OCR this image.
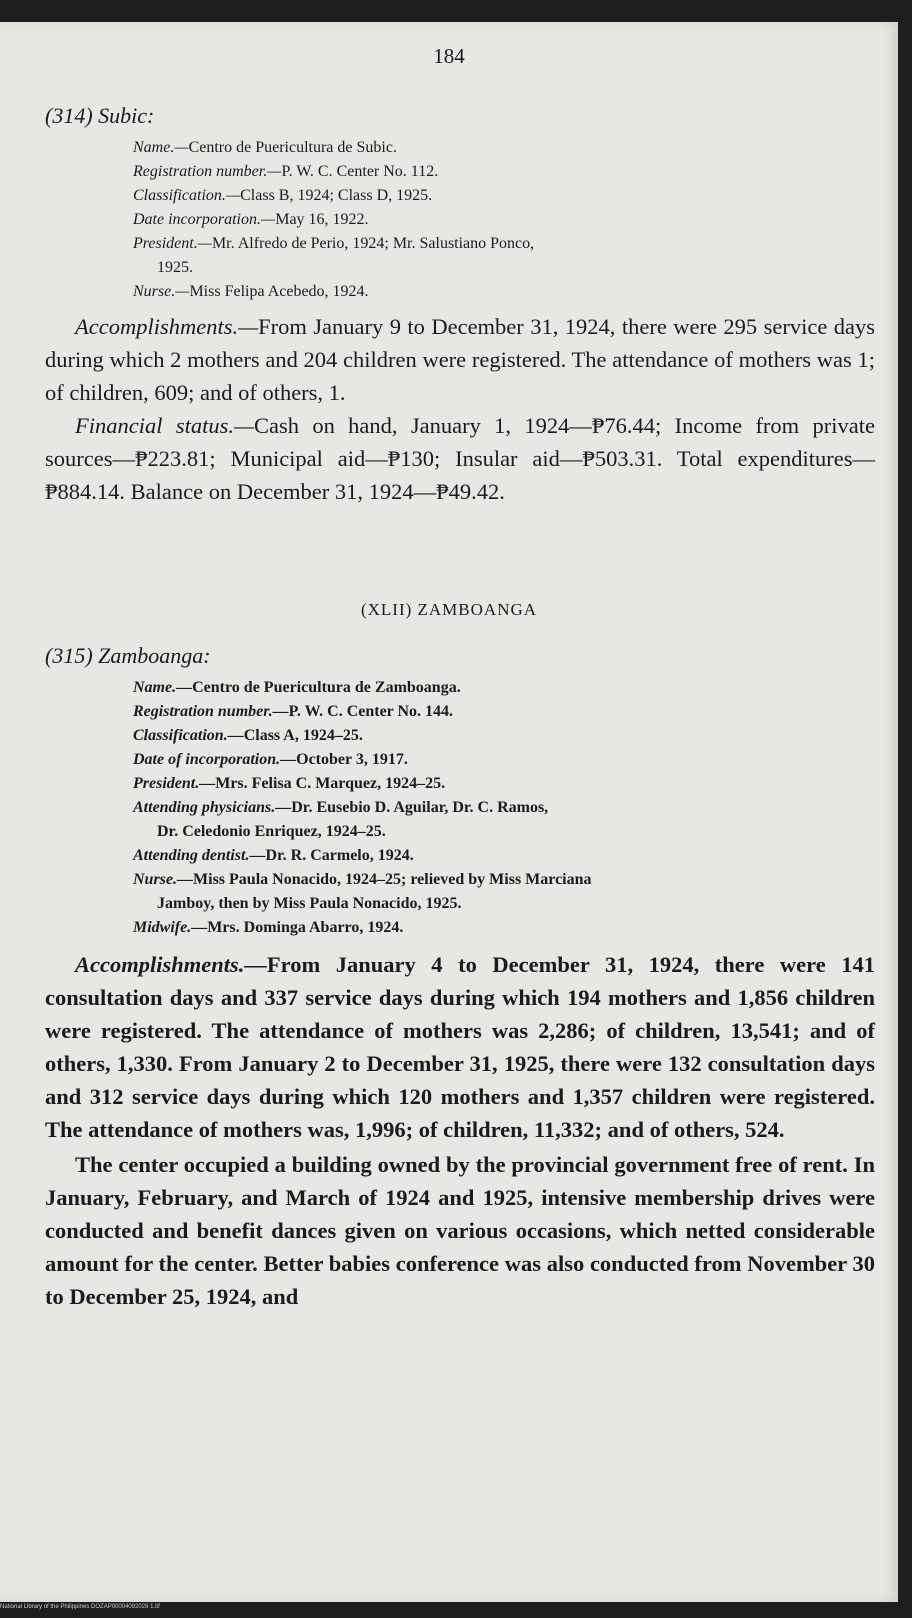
184

(314) Subic:

Name.—Centro de Puericultura de Subic.

Registration number.—P. W. C. Center No. 112.

Classification.—Class B, 1924; Class D, 1925.

Date incorporation.—May 16, 1922.

President.—Mr. Alfredo de Perio, 1924; Mr. Salustiano Ponco,
1925.

Nurse.—Miss Felipa Acebedo, 1924.

Accomplishments.—From January 9 to December 31, 1924, there were 295 service days during which 2 mothers and 204 children were registered. The attendance of mothers was 1; of children, 609; and of others, 1.

Financial status.—Cash on hand, January 1, 1924—₱76.44; Income from private sources—₱223.81; Municipal aid—₱130; Insular aid—₱503.31. Total expenditures—₱884.14. Balance on December 31, 1924—₱49.42.

(XLII) ZAMBOANGA

(315) Zamboanga:

Name.—Centro de Puericultura de Zamboanga.

Registration number.—P. W. C. Center No. 144.

Classification.—Class A, 1924–25.

Date of incorporation.—October 3, 1917.

President.—Mrs. Felisa C. Marquez, 1924–25.

Attending physicians.—Dr. Eusebio D. Aguilar, Dr. C. Ramos,
Dr. Celedonio Enriquez, 1924–25.

Attending dentist.—Dr. R. Carmelo, 1924.

Nurse.—Miss Paula Nonacido, 1924–25; relieved by Miss Marciana
Jamboy, then by Miss Paula Nonacido, 1925.

Midwife.—Mrs. Dominga Abarro, 1924.

Accomplishments.—From January 4 to December 31, 1924, there were 141 consultation days and 337 service days during which 194 mothers and 1,856 children were registered. The attendance of mothers was 2,286; of children, 13,541; and of others, 1,330. From January 2 to December 31, 1925, there were 132 consultation days and 312 service days during which 120 mothers and 1,357 children were registered. The attendance of mothers was, 1,996; of children, 11,332; and of others, 524.

The center occupied a building owned by the provincial government free of rent. In January, February, and March of 1924 and 1925, intensive membership drives were conducted and benefit dances given on various occasions, which netted considerable amount for the center. Better babies conference was also conducted from November 30 to December 25, 1924, and

National Library of the Philippines DOZAP00004092028 1.tif
